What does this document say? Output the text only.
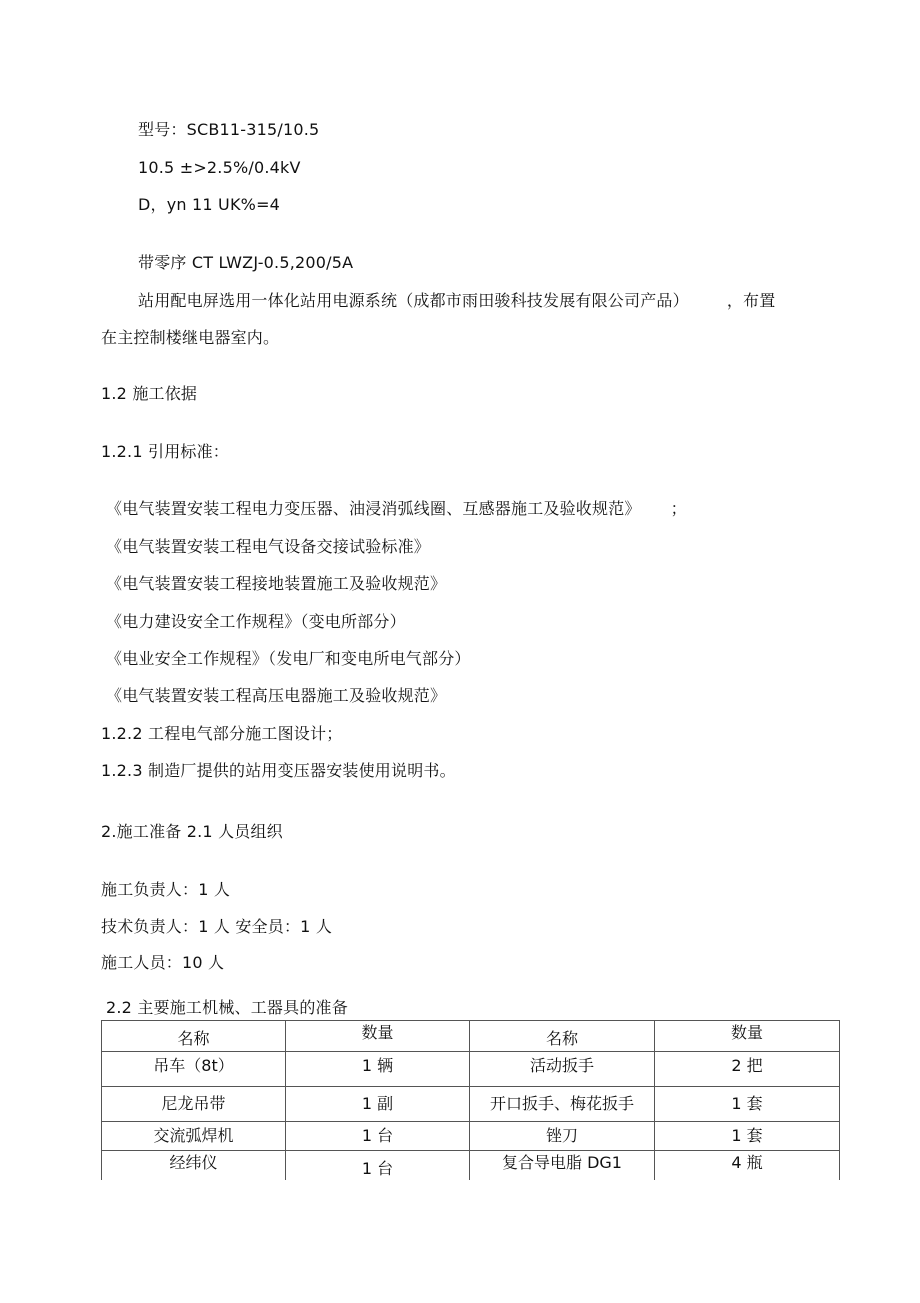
型号：SCB11-315/10.5
10.5 ±>2.5%/0.4kV
D，yn 11 UK%=4
带零序 CT LWZJ-0.5,200/5A
站用配电屏选用一体化站用电源系统（成都市雨田骏科技发展有限公司产品） ，布置
在主控制楼继电器室内。
1.2 施工依据
1.2.1 引用标准：
《电气装置安装工程电力变压器、油浸消弧线圈、互感器施工及验收规范》 ；
《电气装置安装工程电气设备交接试验标准》
《电气装置安装工程接地装置施工及验收规范》
《电力建设安全工作规程》（变电所部分）
《电业安全工作规程》（发电厂和变电所电气部分）
《电气装置安装工程高压电器施工及验收规范》
1.2.2 工程电气部分施工图设计；
1.2.3 制造厂提供的站用变压器安装使用说明书。
2.施工准备 2.1 人员组织
施工负责人：1 人
技术负责人：1 人 安全员：1 人
施工人员：10 人
2.2 主要施工机械、工器具的准备
名称	数量	名称	数量
吊车（8t）	1 辆	活动扳手	2 把
尼龙吊带	1 副	开口扳手、梅花扳手	1 套
交流弧焊机	1 台	锉刀	1 套
经纬仪	1 台	复合导电脂 DG1	4 瓶
